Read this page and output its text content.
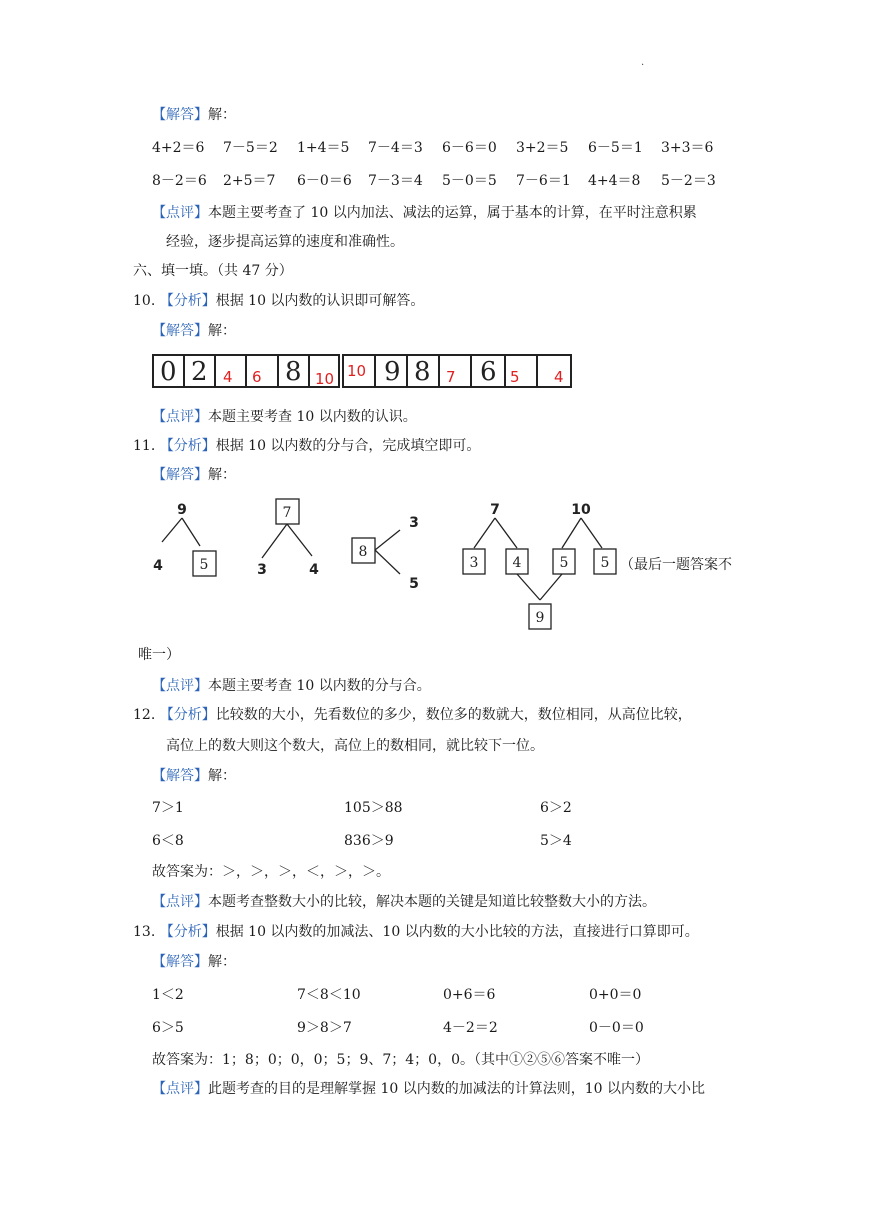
.
【解答】解：
4+2＝6 7－5＝2 1+4＝5 7－4＝3 6－6＝0 3+2＝5 6－5＝1 3+3＝6
8－2＝6 2+5＝7 6－0＝6 7－3＝4 5－0＝5 7－6＝1 4+4＝8 5－2＝3
【点评】本题主要考查了 10 以内加法、减法的运算，属于基本的计算，在平时注意积累
经验，逐步提高运算的速度和准确性。
六、填一填。（共 47 分）
10. 【分析】根据 10 以内数的认识即可解答。
【解答】解：
0 2 4 6 8 10 10 9 8 7 6 5 4
【点评】本题主要考查 10 以内数的认识。
11. 【分析】根据 10 以内数的分与合，完成填空即可。
【解答】解：
9
4	3	4
3
5
7	10
5
7
8
3 4	5 5
9
（最后一题答案不
唯一）
【点评】本题主要考查 10 以内数的分与合。
12. 【分析】比较数的大小，先看数位的多少，数位多的数就大，数位相同，从高位比较，
高位上的数大则这个数大，高位上的数相同，就比较下一位。
【解答】解：
7＞1	105＞88	6＞2
6＜8	836＞9	5＞4
故答案为：＞，＞，＞，＜，＞，＞。
【点评】本题考查整数大小的比较，解决本题的关键是知道比较整数大小的方法。
13. 【分析】根据 10 以内数的加减法、10 以内数的大小比较的方法，直接进行口算即可。
【解答】解：
1＜2	7＜8＜10	0+6＝6	0+0＝0
6＞5	9＞8＞7	4－2＝2	0－0＝0
故答案为：1；8；0；0，0；5；9、7；4；0，0。（其中①②⑤⑥答案不唯一）
【点评】此题考查的目的是理解掌握 10 以内数的加减法的计算法则，10 以内数的大小比
